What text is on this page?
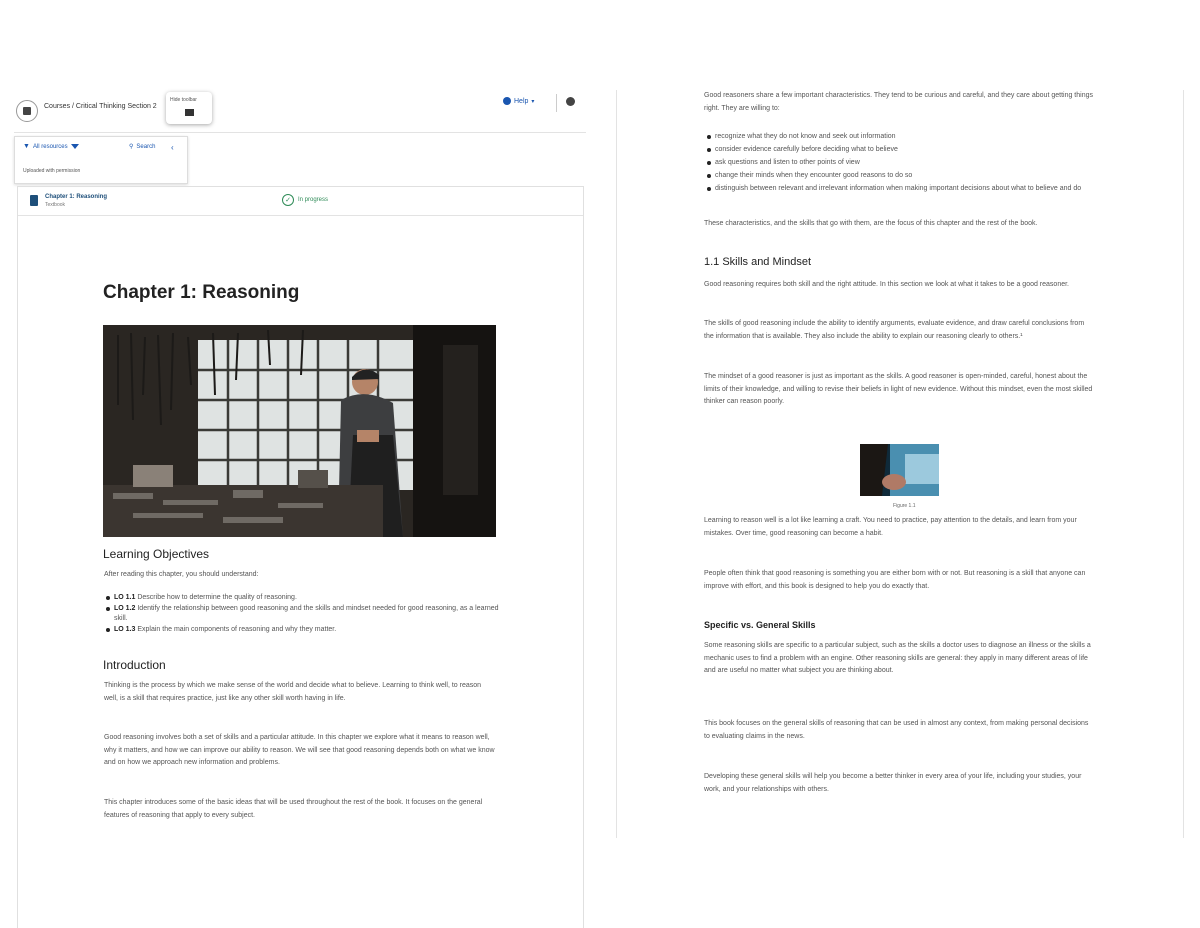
Courses / Critical Thinking Section 2
Hide toolbar	Help ▾
▼ All resources	⚲ Search ‹
Uploaded with permission
Chapter 1: Reasoning
Textbook
✓	In progress
Chapter 1: Reasoning
Learning Objectives

After reading this chapter, you should understand:

LO 1.1 Describe how to determine the quality of reasoning.
LO 1.2 Identify the relationship between good reasoning and the skills and mindset needed for good reasoning, as a learned skill.
LO 1.3 Explain the main components of reasoning and why they matter.
Introduction

Thinking is the process by which we make sense of the world and decide what to believe. Learning to think well, to reason well, is a skill that requires practice, just like any other skill worth having in life.

Good reasoning involves both a set of skills and a particular attitude. In this chapter we explore what it means to reason well, why it matters, and how we can improve our ability to reason. We will see that good reasoning depends both on what we know and on how we approach new information and problems.

This chapter introduces some of the basic ideas that will be used throughout the rest of the book. It focuses on the general features of reasoning that apply to every subject.

Good reasoners share a few important characteristics. They tend to be curious and careful, and they care about getting things right. They are willing to:

recognize what they do not know and seek out information
consider evidence carefully before deciding what to believe
ask questions and listen to other points of view
change their minds when they encounter good reasons to do so
distinguish between relevant and irrelevant information when making important decisions about what to believe and do

These characteristics, and the skills that go with them, are the focus of this chapter and the rest of the book.

1.1 Skills and Mindset

Good reasoning requires both skill and the right attitude. In this section we look at what it takes to be a good reasoner.

The skills of good reasoning include the ability to identify arguments, evaluate evidence, and draw careful conclusions from the information that is available. They also include the ability to explain our reasoning clearly to others.¹

The mindset of a good reasoner is just as important as the skills. A good reasoner is open-minded, careful, honest about the limits of their knowledge, and willing to revise their beliefs in light of new evidence. Without this mindset, even the most skilled thinker can reason poorly.

Figure 1.1

Learning to reason well is a lot like learning a craft. You need to practice, pay attention to the details, and learn from your mistakes. Over time, good reasoning can become a habit.

People often think that good reasoning is something you are either born with or not. But reasoning is a skill that anyone can improve with effort, and this book is designed to help you do exactly that.

Specific vs. General Skills

Some reasoning skills are specific to a particular subject, such as the skills a doctor uses to diagnose an illness or the skills a mechanic uses to find a problem with an engine. Other reasoning skills are general: they apply in many different areas of life and are useful no matter what subject you are thinking about.

This book focuses on the general skills of reasoning that can be used in almost any context, from making personal decisions to evaluating claims in the news.

Developing these general skills will help you become a better thinker in every area of your life, including your studies, your work, and your relationships with others.
